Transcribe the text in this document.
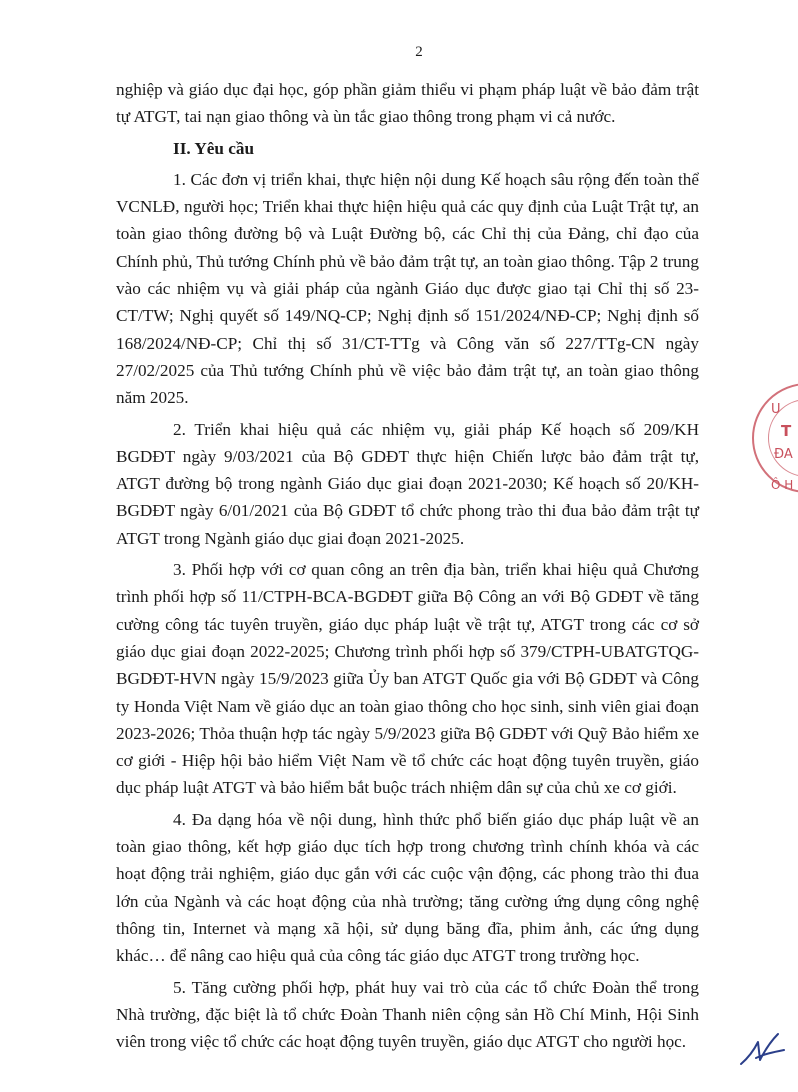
2

nghiệp và giáo dục đại học, góp phần giảm thiểu vi phạm pháp luật về bảo đảm trật tự ATGT, tai nạn giao thông và ùn tắc giao thông trong phạm vi cả nước.

II. Yêu cầu

1. Các đơn vị triển khai, thực hiện nội dung Kế hoạch sâu rộng đến toàn thể VCNLĐ, người học; Triển khai thực hiện hiệu quả các quy định của Luật Trật tự, an toàn giao thông đường bộ và Luật Đường bộ, các Chỉ thị của Đảng, chỉ đạo của Chính phủ, Thủ tướng Chính phủ về bảo đảm trật tự, an toàn giao thông. Tập 2 trung vào các nhiệm vụ và giải pháp của ngành Giáo dục được giao tại Chỉ thị số 23-CT/TW; Nghị quyết số 149/NQ-CP; Nghị định số 151/2024/NĐ-CP; Nghị định số 168/2024/NĐ-CP; Chỉ thị số 31/CT-TTg và Công văn số 227/TTg-CN ngày 27/02/2025 của Thủ tướng Chính phủ về việc bảo đảm trật tự, an toàn giao thông năm 2025.

2. Triển khai hiệu quả các nhiệm vụ, giải pháp Kế hoạch số 209/KH BGDĐT ngày 9/03/2021 của Bộ GDĐT thực hiện Chiến lược bảo đảm trật tự, ATGT đường bộ trong ngành Giáo dục giai đoạn 2021-2030; Kế hoạch số 20/KH-BGDĐT ngày 6/01/2021 của Bộ GDĐT tổ chức phong trào thi đua bảo đảm trật tự ATGT trong Ngành giáo dục giai đoạn 2021-2025.

3. Phối hợp với cơ quan công an trên địa bàn, triển khai hiệu quả Chương trình phối hợp số 11/CTPH-BCA-BGDĐT giữa Bộ Công an với Bộ GDĐT về tăng cường công tác tuyên truyền, giáo dục pháp luật về trật tự, ATGT trong các cơ sở giáo dục giai đoạn 2022-2025; Chương trình phối hợp số 379/CTPH-UBATGTQG-BGDĐT-HVN ngày 15/9/2023 giữa Ủy ban ATGT Quốc gia với Bộ GDĐT và Công ty Honda Việt Nam về giáo dục an toàn giao thông cho học sinh, sinh viên giai đoạn 2023-2026; Thỏa thuận hợp tác ngày 5/9/2023 giữa Bộ GDĐT với Quỹ Bảo hiểm xe cơ giới - Hiệp hội bảo hiểm Việt Nam về tổ chức các hoạt động tuyên truyền, giáo dục pháp luật ATGT và bảo hiểm bắt buộc trách nhiệm dân sự của chủ xe cơ giới.

4. Đa dạng hóa về nội dung, hình thức phổ biến giáo dục pháp luật về an toàn giao thông, kết hợp giáo dục tích hợp trong chương trình chính khóa và các hoạt động trải nghiệm, giáo dục gắn với các cuộc vận động, các phong trào thi đua lớn của Ngành và các hoạt động của nhà trường; tăng cường ứng dụng công nghệ thông tin, Internet và mạng xã hội, sử dụng băng đĩa, phim ảnh, các ứng dụng khác… để nâng cao hiệu quả của công tác giáo dục ATGT trong trường học.

5. Tăng cường phối hợp, phát huy vai trò của các tổ chức Đoàn thể trong Nhà trường, đặc biệt là tổ chức Đoàn Thanh niên cộng sản Hồ Chí Minh, Hội Sinh viên trong việc tổ chức các hoạt động tuyên truyền, giáo dục ATGT cho người học.

U
T
ĐA
Ô H
